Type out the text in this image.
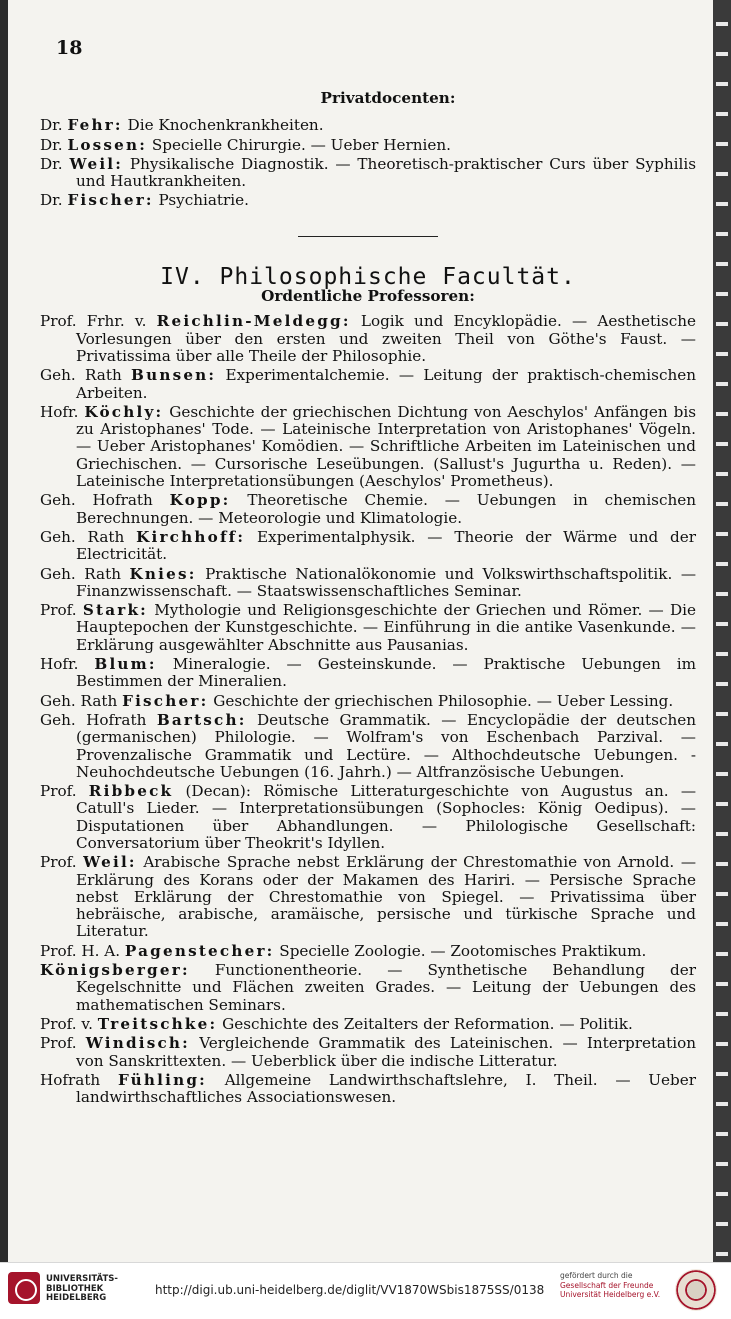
18
Privatdocenten:
Dr. Fehr: Die Knochenkrankheiten.
Dr. Lossen: Specielle Chirurgie. — Ueber Hernien.
Dr. Weil: Physikalische Diagnostik. — Theoretisch-praktischer Curs über Syphilis und Hautkrankheiten.
Dr. Fischer: Psychiatrie.
IV. Philosophische Facultät.
Ordentliche Professoren:
Prof. Frhr. v. Reichlin-Meldegg: Logik und Encyklopädie. — Aesthetische Vorlesungen über den ersten und zweiten Theil von Göthe's Faust. — Privatissima über alle Theile der Philosophie.
Geh. Rath Bunsen: Experimentalchemie. — Leitung der praktisch-chemischen Arbeiten.
Hofr. Köchly: Geschichte der griechischen Dichtung von Aeschylos' Anfängen bis zu Aristophanes' Tode. — Lateinische Interpretation von Aristophanes' Vögeln. — Ueber Aristophanes' Komödien. — Schriftliche Arbeiten im Lateinischen und Griechischen. — Cursorische Leseübungen. (Sallust's Jugurtha u. Reden). — Lateinische Interpretationsübungen (Aeschylos' Prometheus).
Geh. Hofrath Kopp: Theoretische Chemie. — Uebungen in chemischen Berechnungen. — Meteorologie und Klimatologie.
Geh. Rath Kirchhoff: Experimentalphysik. — Theorie der Wärme und der Electricität.
Geh. Rath Knies: Praktische Nationalökonomie und Volkswirthschaftspolitik. — Finanzwissenschaft. — Staatswissenschaftliches Seminar.
Prof. Stark: Mythologie und Religionsgeschichte der Griechen und Römer. — Die Hauptepochen der Kunstgeschichte. — Einführung in die antike Vasenkunde. — Erklärung ausgewählter Abschnitte aus Pausanias.
Hofr. Blum: Mineralogie. — Gesteinskunde. — Praktische Uebungen im Bestimmen der Mineralien.
Geh. Rath Fischer: Geschichte der griechischen Philosophie. — Ueber Lessing.
Geh. Hofrath Bartsch: Deutsche Grammatik. — Encyclopädie der deutschen (germanischen) Philologie. — Wolfram's von Eschenbach Parzival. — Provenzalische Grammatik und Lectüre. — Althochdeutsche Uebungen. - Neuhochdeutsche Uebungen (16. Jahrh.) — Altfranzösische Uebungen.
Prof. Ribbeck (Decan): Römische Litteraturgeschichte von Augustus an. — Catull's Lieder. — Interpretationsübungen (Sophocles: König Oedipus). — Disputationen über Abhandlungen. — Philologische Gesellschaft: Conversatorium über Theokrit's Idyllen.
Prof. Weil: Arabische Sprache nebst Erklärung der Chrestomathie von Arnold. — Erklärung des Korans oder der Makamen des Hariri. — Persische Sprache nebst Erklärung der Chrestomathie von Spiegel. — Privatissima über hebräische, arabische, aramäische, persische und türkische Sprache und Literatur.
Prof. H. A. Pagenstecher: Specielle Zoologie. — Zootomisches Praktikum.
Königsberger: Functionentheorie. — Synthetische Behandlung der Kegelschnitte und Flächen zweiten Grades. — Leitung der Uebungen des mathematischen Seminars.
Prof. v. Treitschke: Geschichte des Zeitalters der Reformation. — Politik.
Prof. Windisch: Vergleichende Grammatik des Lateinischen. — Interpretation von Sanskrittexten. — Ueberblick über die indische Litteratur.
Hofrath Fühling: Allgemeine Landwirthschaftslehre, I. Theil. — Ueber landwirthschaftliches Associationswesen.
UNIVERSITÄTS-
BIBLIOTHEK
HEIDELBERG
http://digi.ub.uni-heidelberg.de/diglit/VV1870WSbis1875SS/0138
gefördert durch die
Gesellschaft der Freunde
Universität Heidelberg e.V.
